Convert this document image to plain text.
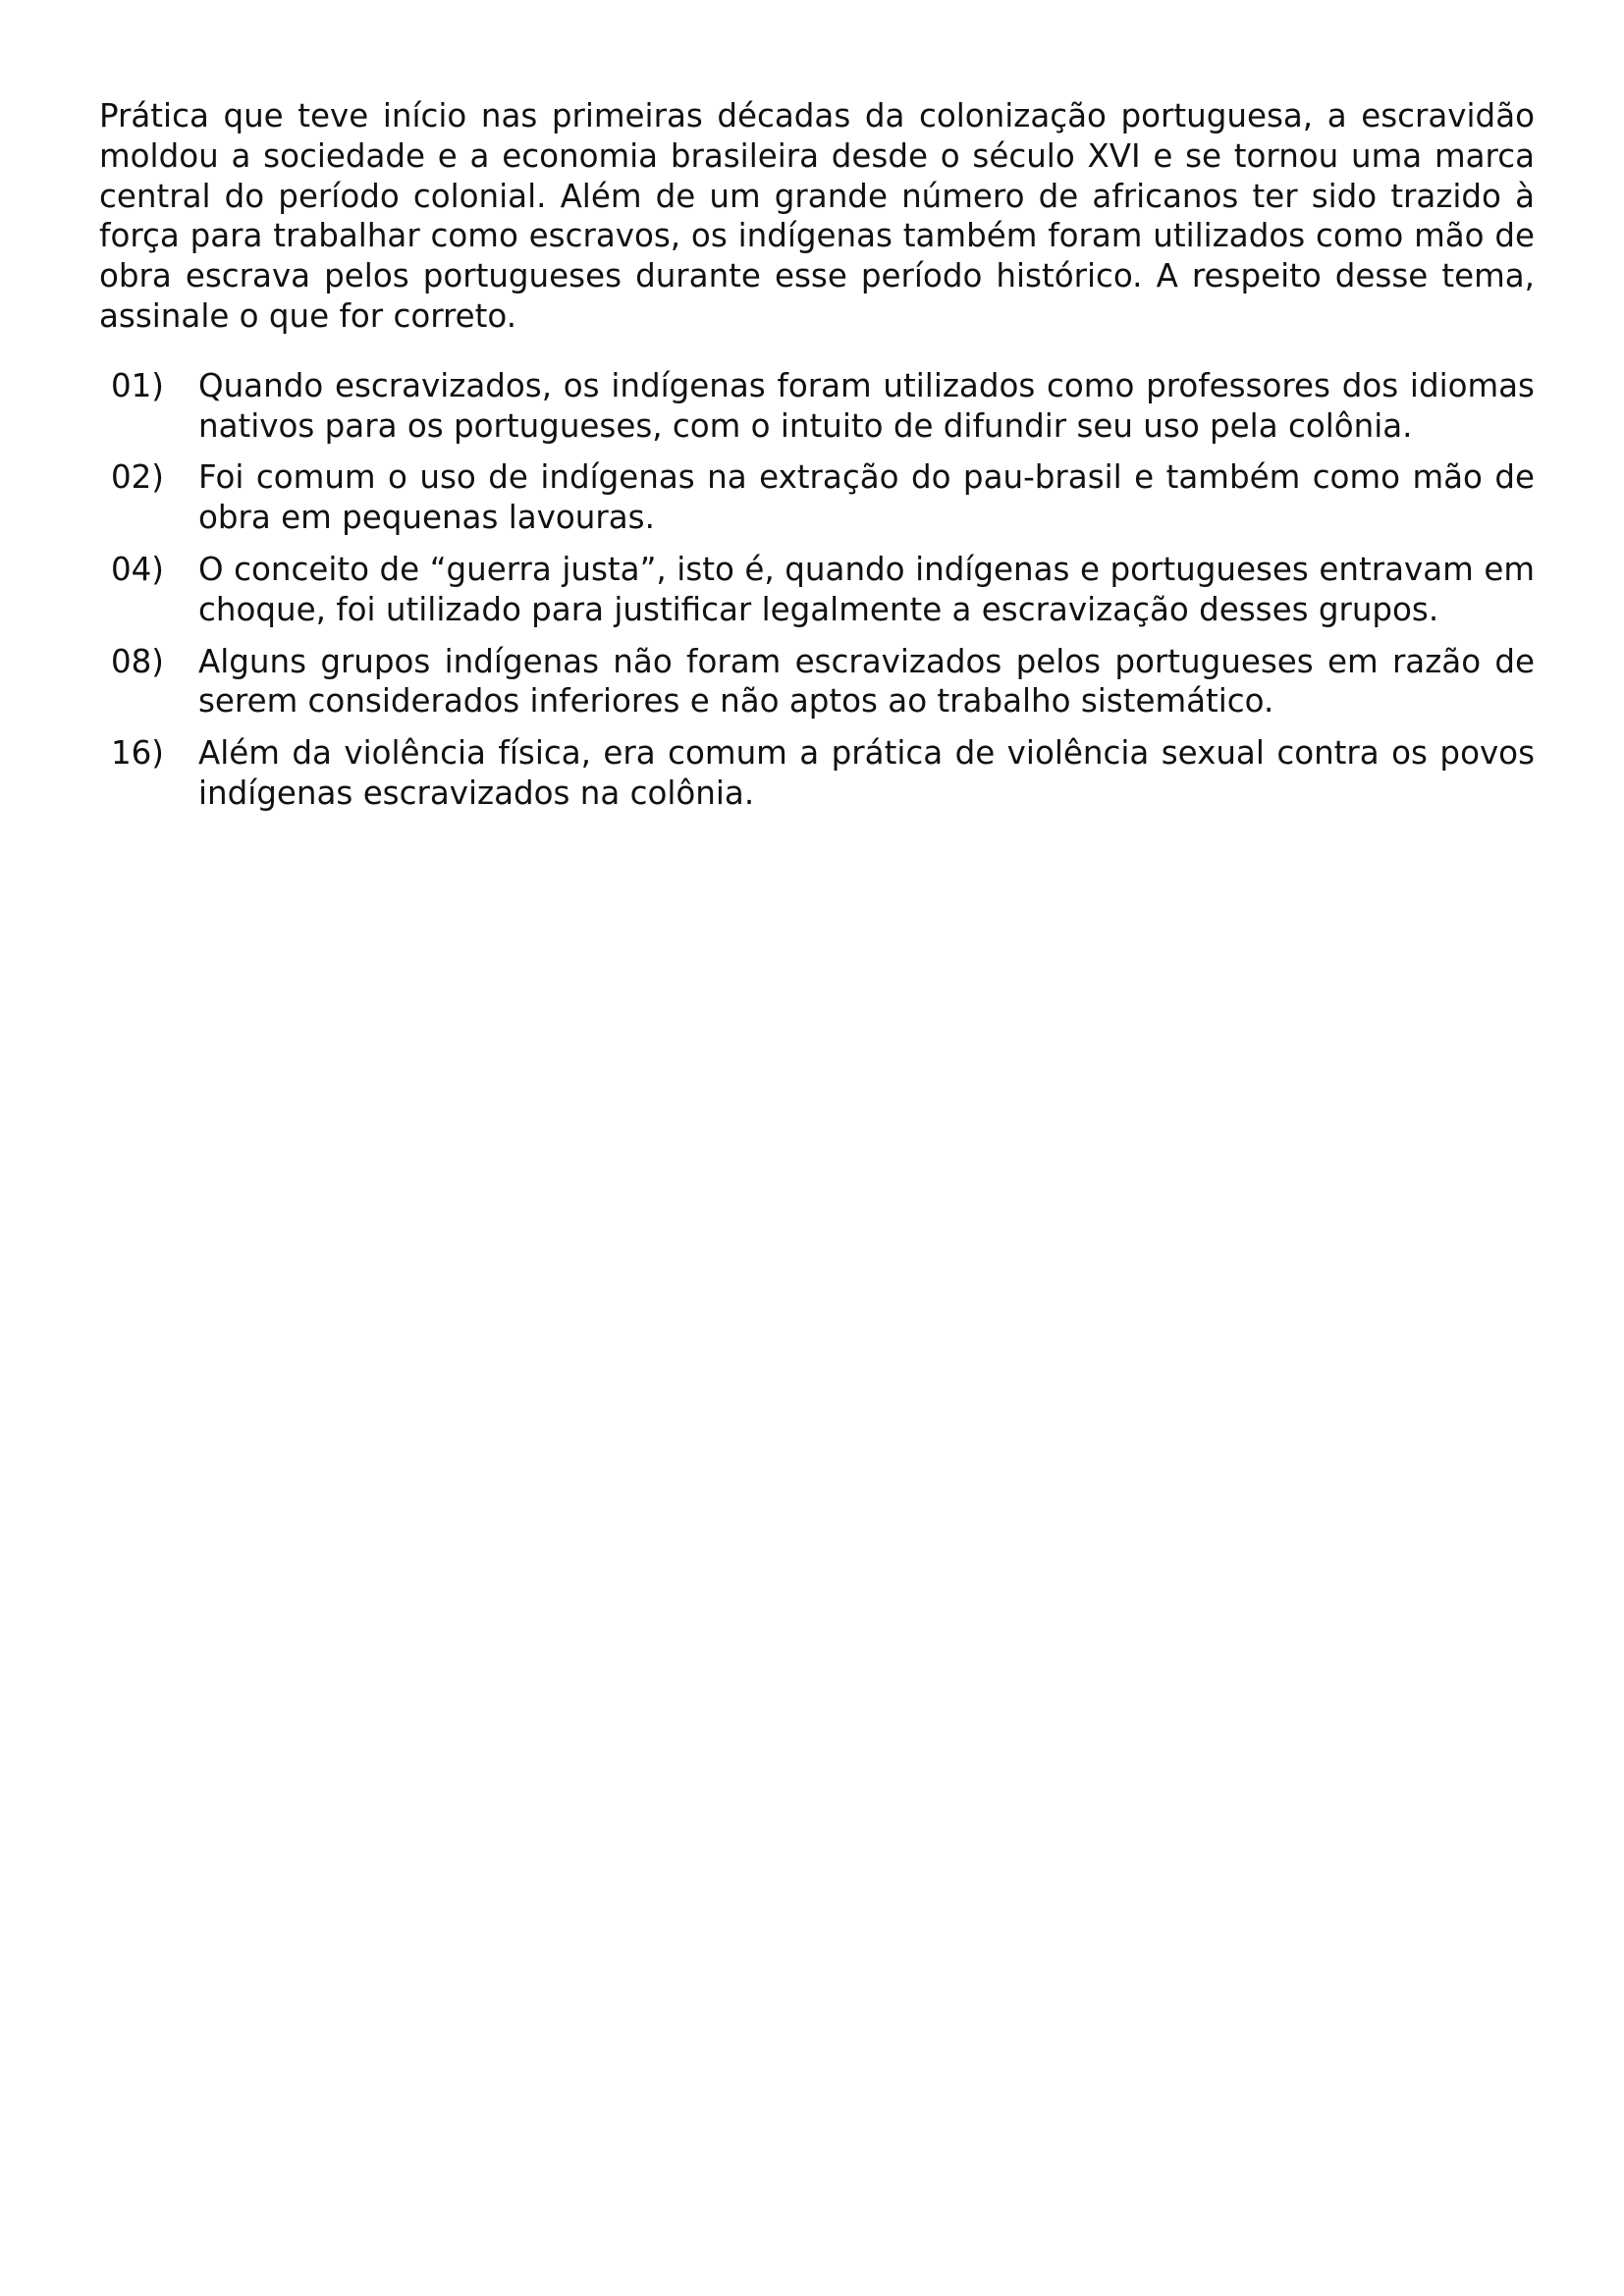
Prática que teve início nas primeiras décadas da colonização portuguesa, a escravidão moldou a sociedade e a economia brasileira desde o século XVI e se tornou uma marca central do período colonial. Além de um grande número de africanos ter sido trazido à força para trabalhar como escravos, os indígenas também foram utilizados como mão de obra escrava pelos portugueses durante esse período histórico. A respeito desse tema, assinale o que for correto.

01) Quando escravizados, os indígenas foram utilizados como professores dos idiomas nativos para os portugueses, com o intuito de difundir seu uso pela colônia.
02) Foi comum o uso de indígenas na extração do pau-brasil e também como mão de obra em pequenas lavouras.
04) O conceito de “guerra justa”, isto é, quando indígenas e portugueses entravam em choque, foi utilizado para justificar legalmente a escravização desses grupos.
08) Alguns grupos indígenas não foram escravizados pelos portugueses em razão de serem considerados inferiores e não aptos ao trabalho sistemático.
16) Além da violência física, era comum a prática de violência sexual contra os povos indígenas escravizados na colônia.
